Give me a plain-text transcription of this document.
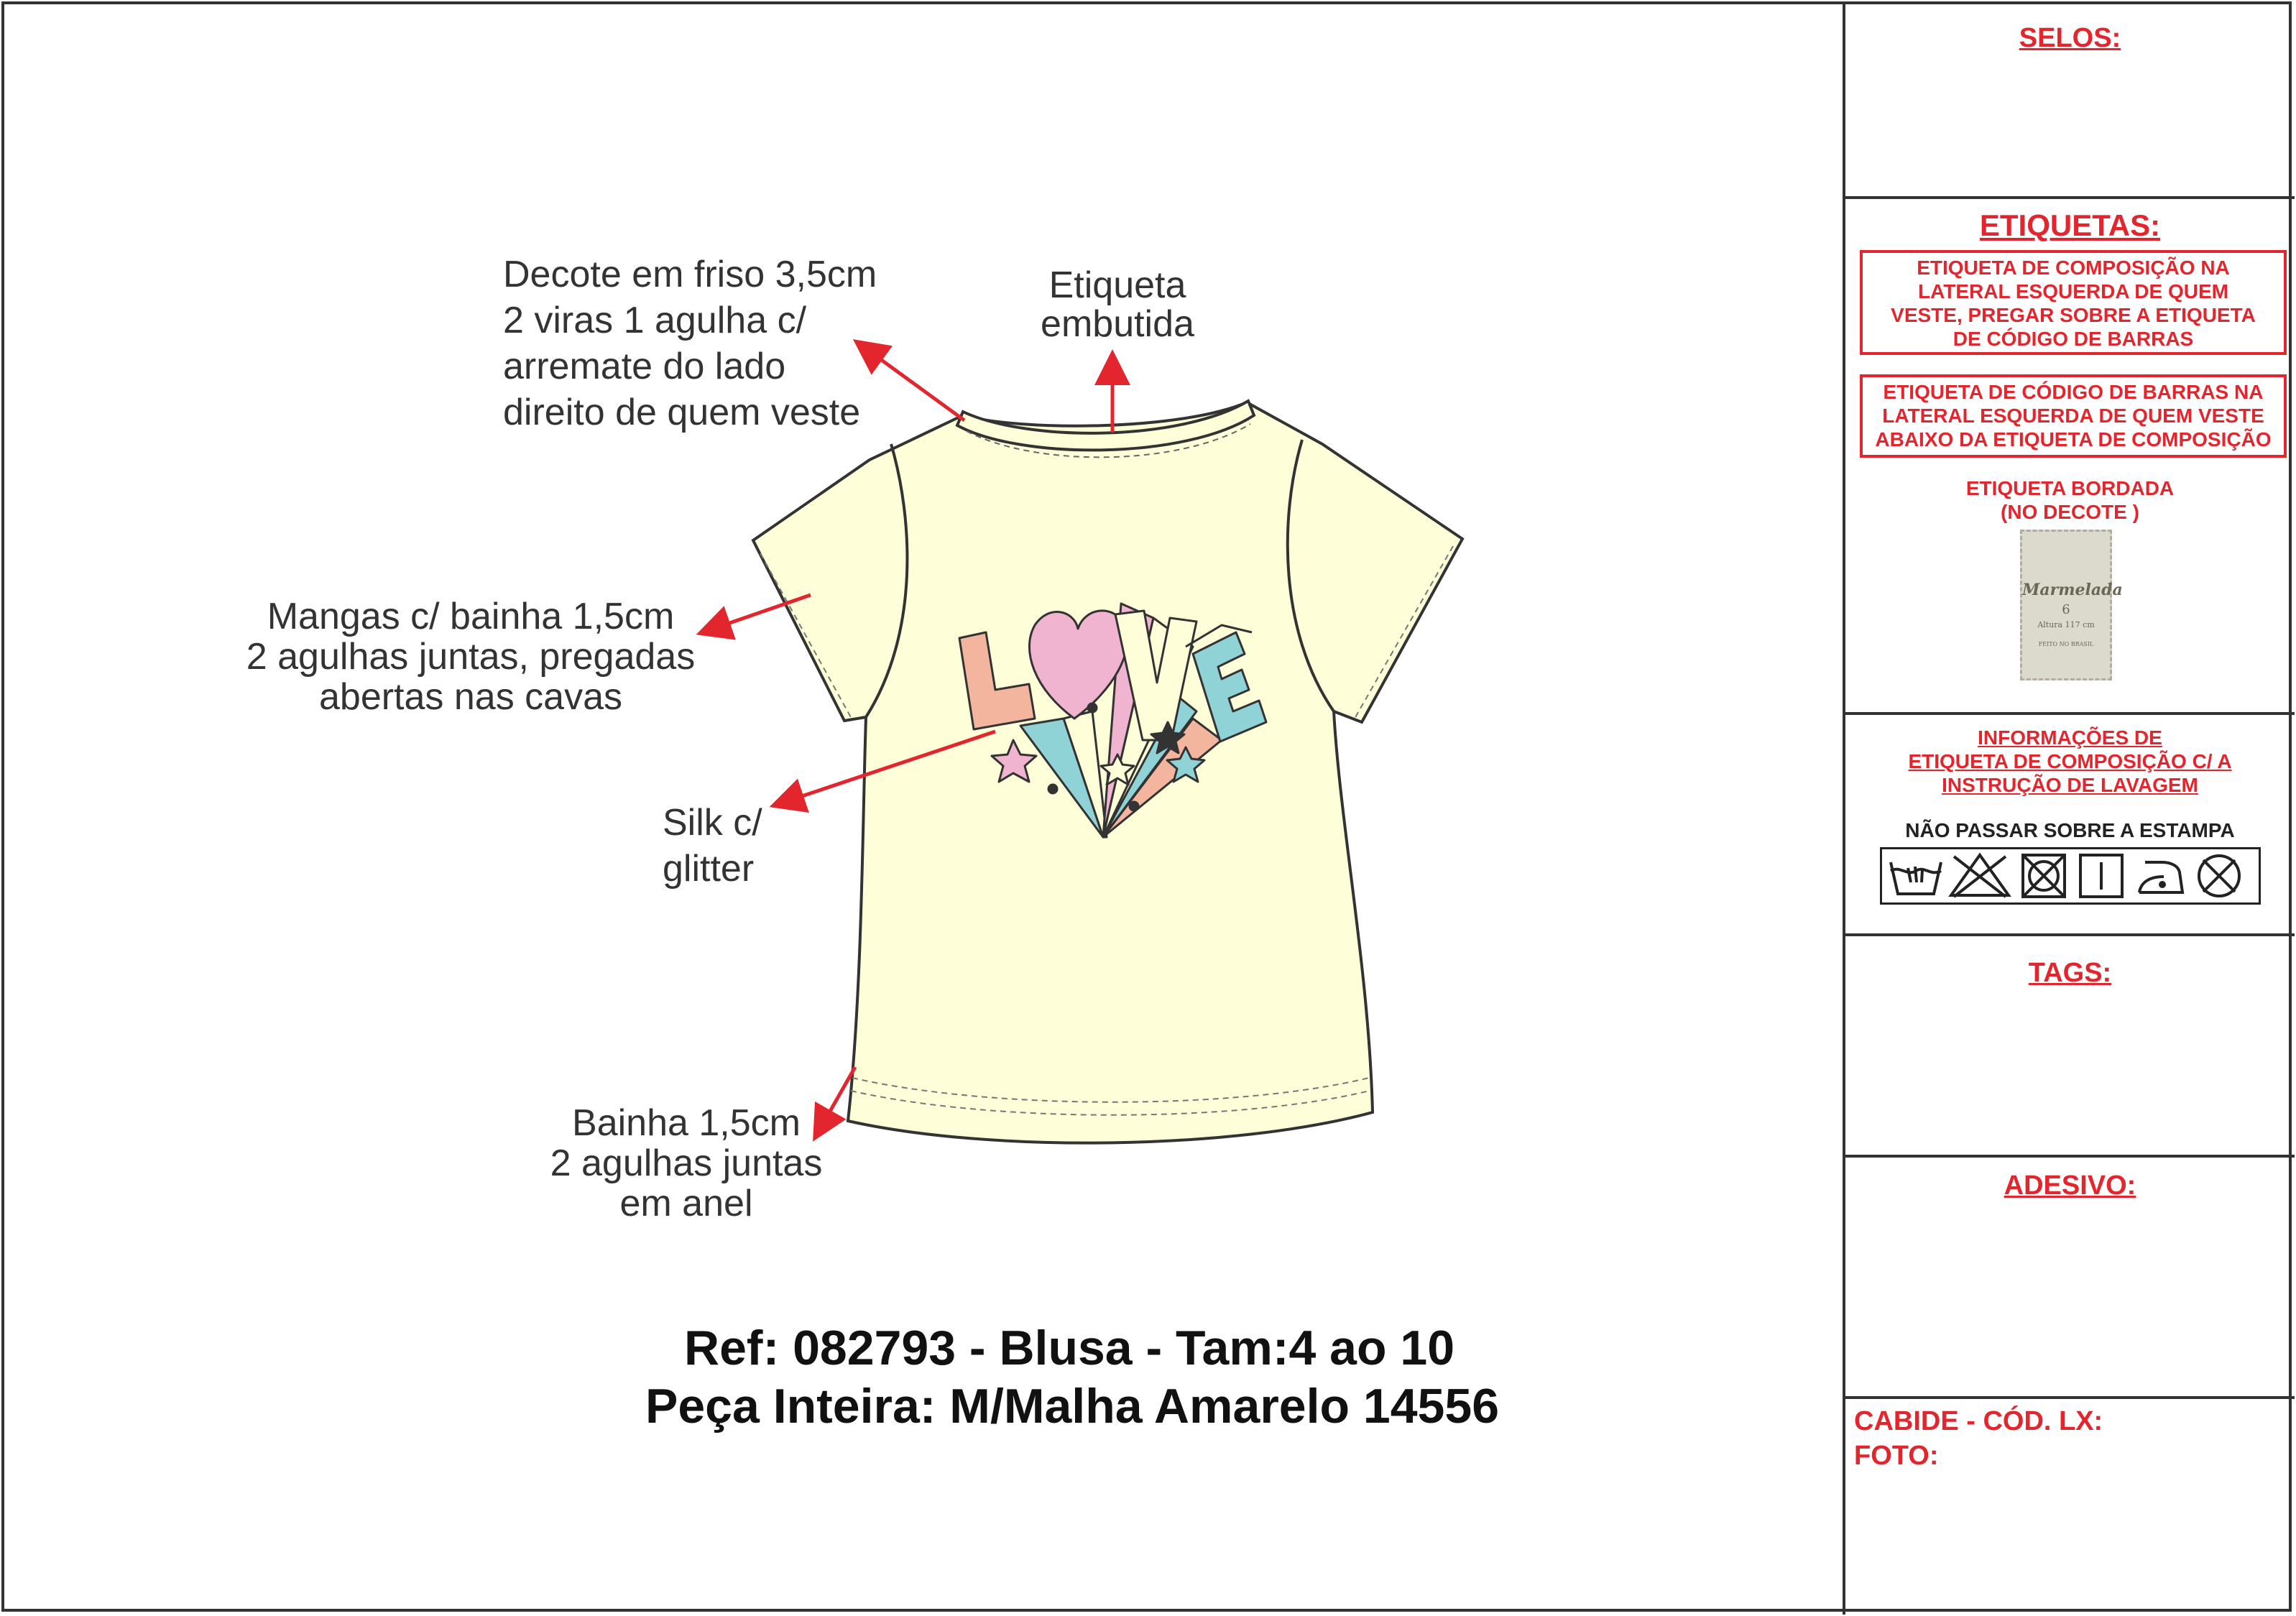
Decote em friso 3,5cm
2 viras 1 agulha c/
arremate do lado
direito de quem veste
Etiqueta
embutida
Mangas c/ bainha 1,5cm
2 agulhas juntas, pregadas
abertas nas cavas
Silk c/
glitter
Bainha 1,5cm
2 agulhas juntas
em anel
Ref: 082793 - Blusa - Tam:4 ao 10
Peça Inteira: M/Malha Amarelo 14556
SELOS:
ETIQUETAS:
ETIQUETA DE COMPOSIÇÃO NA
LATERAL ESQUERDA DE QUEM
VESTE, PREGAR SOBRE A ETIQUETA
DE CÓDIGO DE BARRAS
ETIQUETA DE CÓDIGO DE BARRAS NA
LATERAL ESQUERDA DE QUEM VESTE
ABAIXO DA ETIQUETA DE COMPOSIÇÃO
ETIQUETA BORDADA
(NO DECOTE )
Marmelada
6
Altura 117 cm
FEITO NO BRASIL
INFORMAÇÕES DE
ETIQUETA DE COMPOSIÇÃO C/ A
INSTRUÇÃO DE LAVAGEM
NÃO PASSAR SOBRE A ESTAMPA
TAGS:
ADESIVO:
CABIDE - CÓD. LX:
FOTO:
